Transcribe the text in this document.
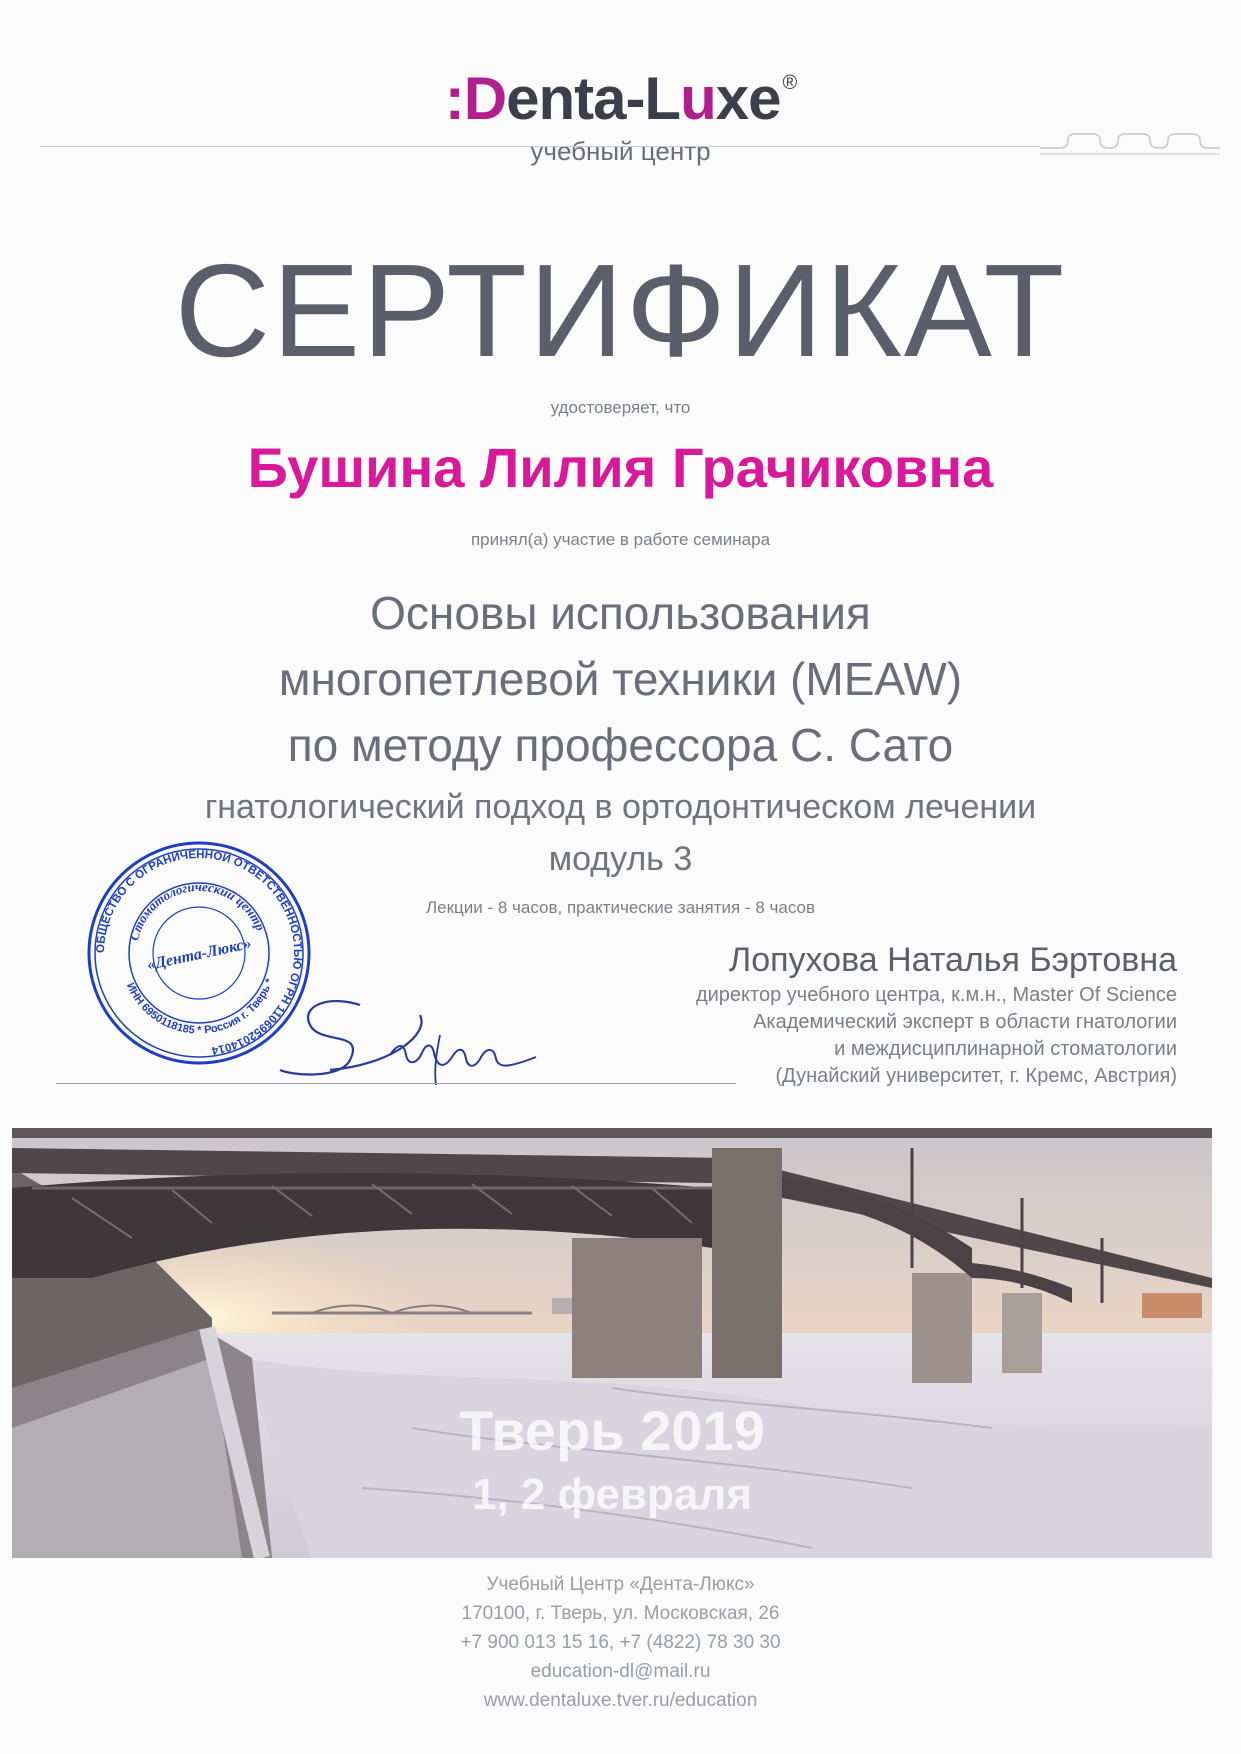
:Denta-Luxe ®
учебный центр
СЕРТИФИКАТ
удостоверяет, что
Бушина Лилия Грачиковна
принял(а) участие в работе семинара
Основы использования
многопетлевой техники (MEAW)
по методу профессора С. Сато
гнатологический подход в ортодонтическом лечении
модуль 3
Лекции - 8 часов, практические занятия - 8 часов
ОБЩЕСТВО С ОГРАНИЧЕННОЙ ОТВЕТСТВЕННОСТЬЮ ОГРН 1106952014014
Стоматологический центр
ИНН 6950118185 * Россия г. Тверь *
«Дента-Люкс»	Лопухова Наталья Бэртовна
директор учебного центра, к.м.н., Master Of Science
Академический эксперт в области гнатологии
и междисциплинарной стоматологии
(Дунайский университет, г. Кремс, Австрия)
Тверь 2019
1, 2 февраля
Учебный Центр «Дента-Люкс»
170100, г. Тверь, ул. Московская, 26
+7 900 013 15 16, +7 (4822) 78 30 30
education-dl@mail.ru
www.dentaluxe.tver.ru/education
